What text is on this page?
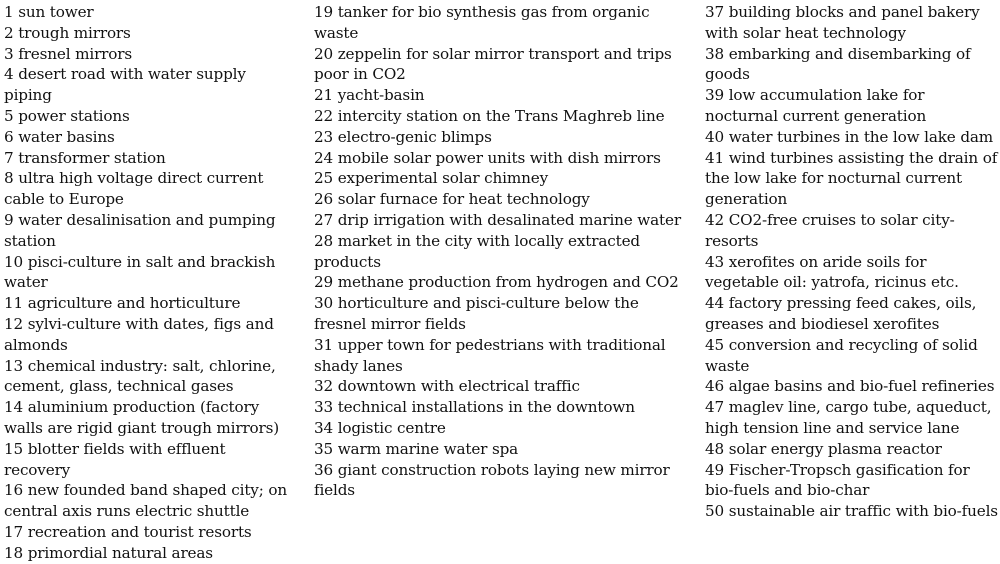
1 sun tower
2 trough mirrors
3 fresnel mirrors
4 desert road with water supply piping
5 power stations
6 water basins
7 transformer station
8 ultra high voltage direct current cable to Europe
9 water desalinisation and pumping station
10 pisci-culture in salt and brackish water
11 agriculture and horticulture
12 sylvi-culture with dates, figs and almonds
13 chemical industry: salt, chlorine, cement, glass, technical gases
14 aluminium production (factory walls are rigid giant trough mirrors)
15 blotter fields with effluent recovery
16 new founded band shaped city; on central axis runs electric shuttle
17 recreation and tourist resorts
18 primordial natural areas
19 tanker for bio synthesis gas from organic waste
20 zeppelin for solar mirror transport and trips poor in CO2
21 yacht-basin
22 intercity station on the Trans Maghreb line
23 electro-genic blimps
24 mobile solar power units with dish mirrors
25 experimental solar chimney
26 solar furnace for heat technology
27 drip irrigation with desalinated marine water
28 market in the city with locally extracted products
29 methane production from hydrogen and CO2
30 horticulture and pisci-culture below the fresnel mirror fields
31 upper town for pedestrians with traditional shady lanes
32 downtown with electrical traffic
33 technical installations in the downtown
34 logistic centre
35 warm marine water spa
36 giant construction robots laying new mirror fields
37 building blocks and panel bakery with solar heat technology
38 embarking and disembarking of goods
39 low accumulation lake for nocturnal current generation
40 water turbines in the low lake dam
41 wind turbines assisting the drain of the low lake for nocturnal current generation
42 CO2-free cruises to solar city-resorts
43 xerofites on aride soils for vegetable oil: yatrofa, ricinus etc.
44 factory pressing feed cakes, oils, greases and biodiesel xerofites
45 conversion and recycling of solid waste
46 algae basins and bio-fuel refineries
47 maglev line, cargo tube, aqueduct, high tension line and service lane
48 solar energy plasma reactor
49 Fischer-Tropsch gasification for bio-fuels and bio-char
50 sustainable air traffic with bio-fuels
